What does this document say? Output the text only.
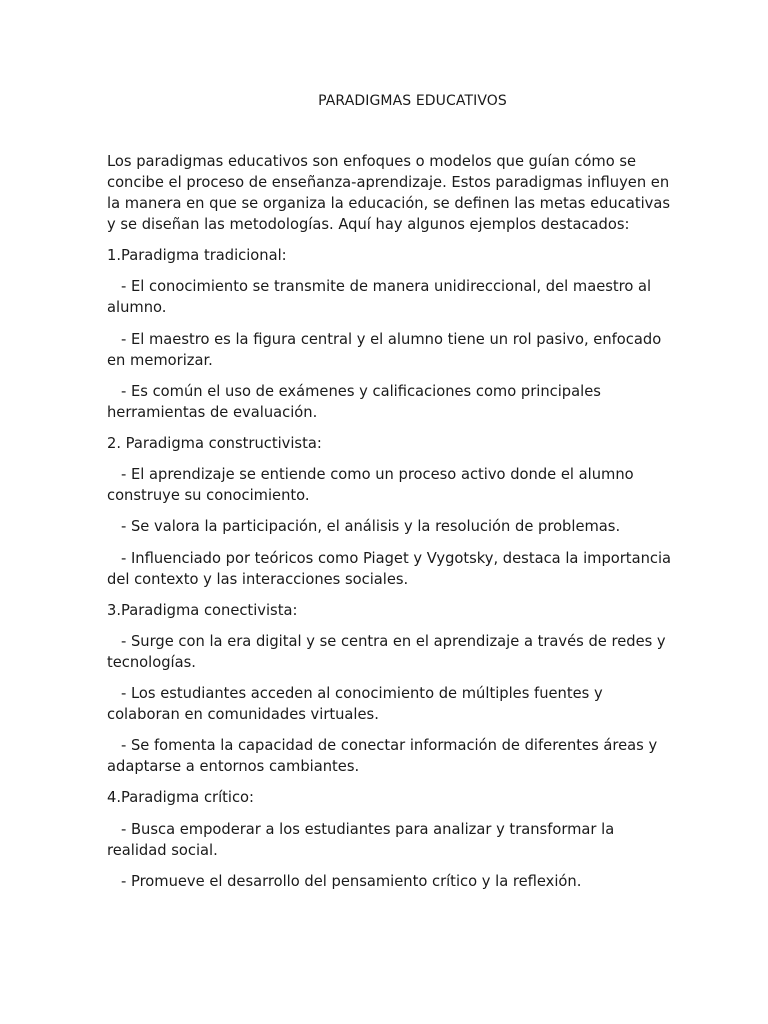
PARADIGMAS EDUCATIVOS

Los paradigmas educativos son enfoques o modelos que guían cómo se concibe el proceso de enseñanza-aprendizaje. Estos paradigmas influyen en la manera en que se organiza la educación, se definen las metas educativas y se diseñan las metodologías. Aquí hay algunos ejemplos destacados:

1.Paradigma tradicional:

- El conocimiento se transmite de manera unidireccional, del maestro al alumno.

- El maestro es la figura central y el alumno tiene un rol pasivo, enfocado en memorizar.

- Es común el uso de exámenes y calificaciones como principales herramientas de evaluación.

2. Paradigma constructivista:

- El aprendizaje se entiende como un proceso activo donde el alumno construye su conocimiento.

- Se valora la participación, el análisis y la resolución de problemas.

- Influenciado por teóricos como Piaget y Vygotsky, destaca la importancia del contexto y las interacciones sociales.

3.Paradigma conectivista:

- Surge con la era digital y se centra en el aprendizaje a través de redes y tecnologías.

- Los estudiantes acceden al conocimiento de múltiples fuentes y colaboran en comunidades virtuales.

- Se fomenta la capacidad de conectar información de diferentes áreas y adaptarse a entornos cambiantes.

4.Paradigma crítico:

- Busca empoderar a los estudiantes para analizar y transformar la realidad social.

- Promueve el desarrollo del pensamiento crítico y la reflexión.
